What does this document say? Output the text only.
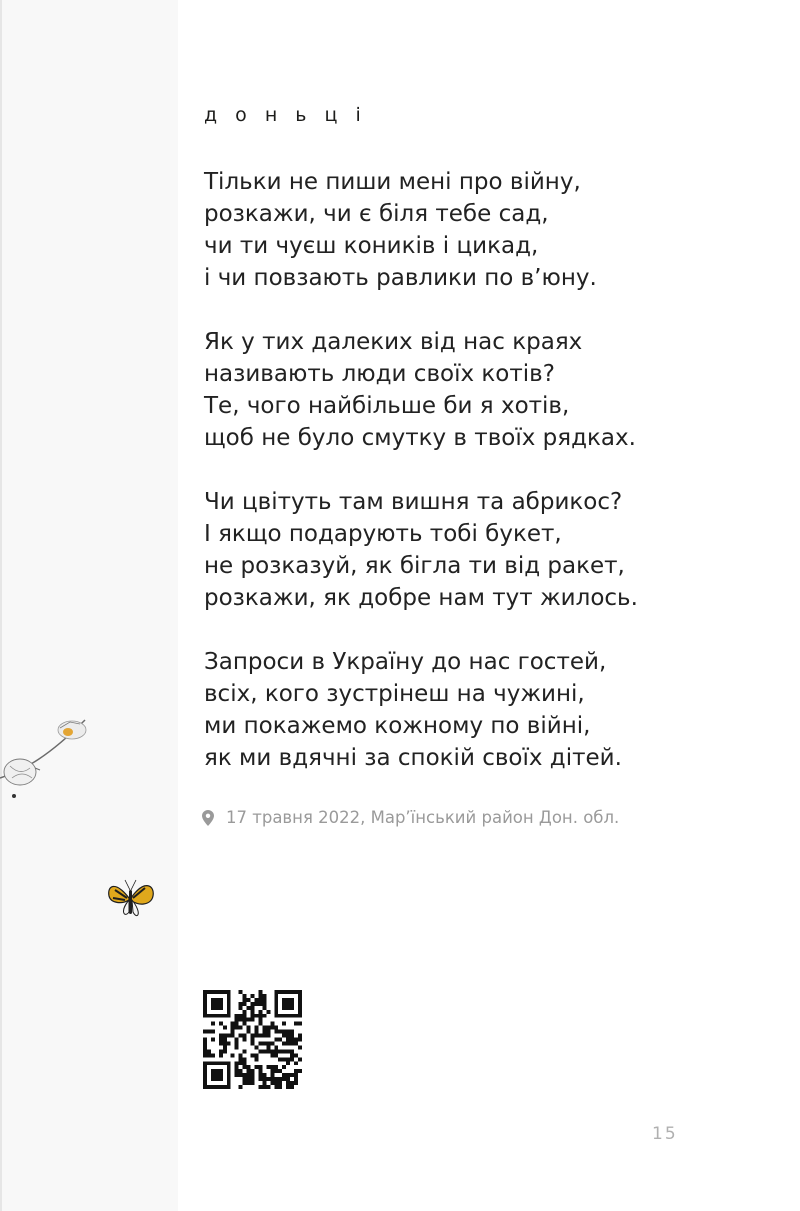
д о н ь ц і
Тільки не пиши мені про війну,
розкажи, чи є біля тебе сад,
чи ти чуєш коників і цикад,
і чи повзають равлики по в’юну.
Як у тих далеких від нас краях
називають люди своїх котів?
Те, чого найбільше би я хотів,
щоб не було смутку в твоїх рядках.
Чи цвітуть там вишня та абрикос?
І якщо подарують тобі букет,
не розказуй, як бігла ти від ракет,
розкажи, як добре нам тут жилось.
Запроси в Україну до нас гостей,
всіх, кого зустрінеш на чужині,
ми покажемо кожному по війні,
як ми вдячні за спокій своїх дітей.
17 травня 2022, Мар’їнський район Дон. обл.
15
